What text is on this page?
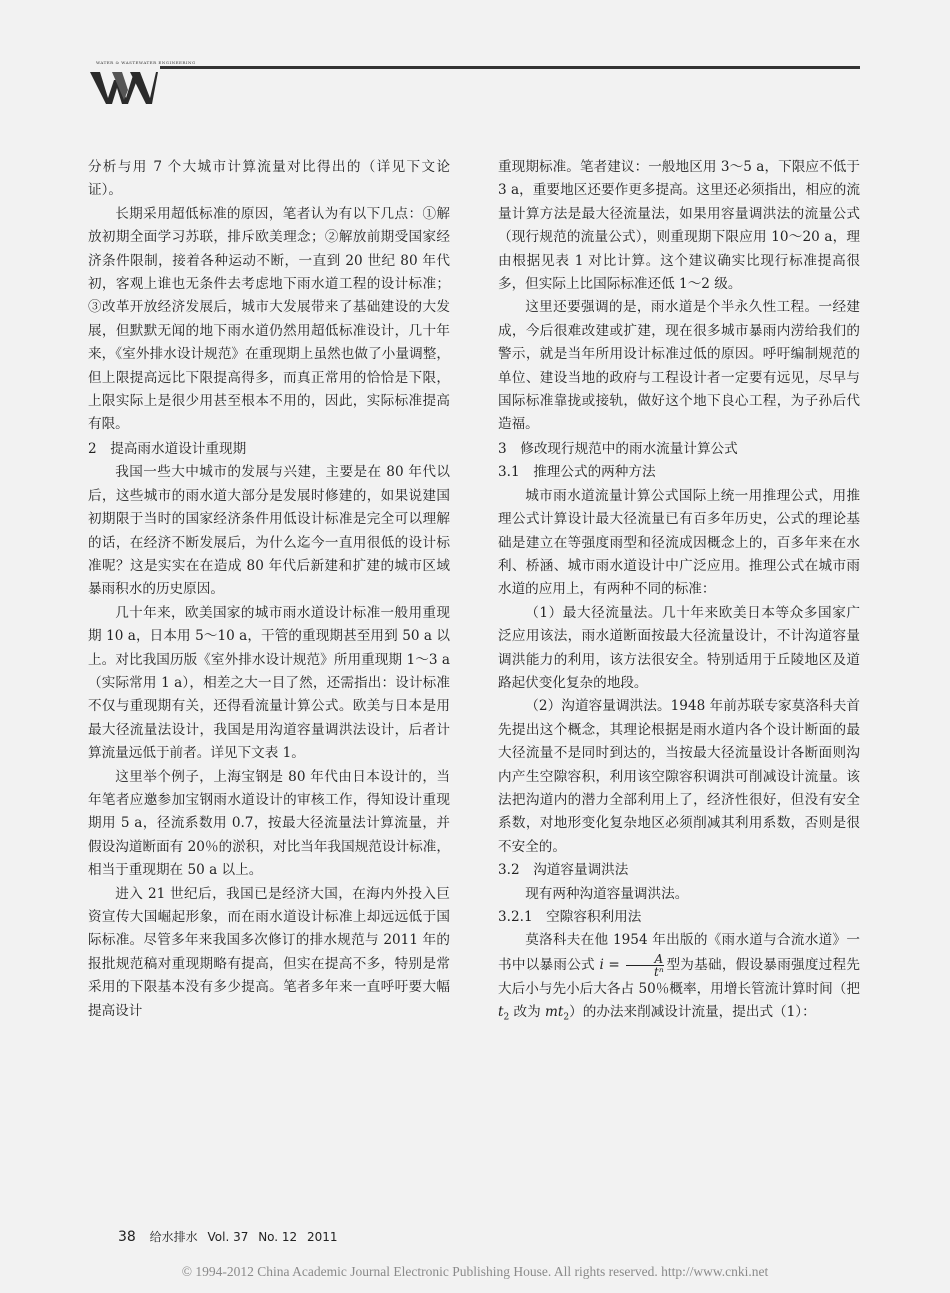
WATER & WASTEWATER ENGINEERING

分析与用 7 个大城市计算流量对比得出的（详见下文论证）。

长期采用超低标准的原因，笔者认为有以下几点：①解放初期全面学习苏联，排斥欧美理念；②解放前期受国家经济条件限制，接着各种运动不断，一直到 20 世纪 80 年代初，客观上谁也无条件去考虑地下雨水道工程的设计标准；③改革开放经济发展后，城市大发展带来了基础建设的大发展，但默默无闻的地下雨水道仍然用超低标准设计，几十年来，《室外排水设计规范》在重现期上虽然也做了小量调整，但上限提高远比下限提高得多，而真正常用的恰恰是下限，上限实际上是很少用甚至根本不用的，因此，实际标准提高有限。

2　提高雨水道设计重现期

我国一些大中城市的发展与兴建，主要是在 80 年代以后，这些城市的雨水道大部分是发展时修建的，如果说建国初期限于当时的国家经济条件用低设计标准是完全可以理解的话，在经济不断发展后，为什么迄今一直用很低的设计标准呢？这是实实在在造成 80 年代后新建和扩建的城市区域暴雨积水的历史原因。

几十年来，欧美国家的城市雨水道设计标准一般用重现期 10 a，日本用 5～10 a，干管的重现期甚至用到 50 a 以上。对比我国历版《室外排水设计规范》所用重现期 1～3 a（实际常用 1 a），相差之大一目了然，还需指出：设计标准不仅与重现期有关，还得看流量计算公式。欧美与日本是用最大径流量法设计，我国是用沟道容量调洪法设计，后者计算流量远低于前者。详见下文表 1。

这里举个例子，上海宝钢是 80 年代由日本设计的，当年笔者应邀参加宝钢雨水道设计的审核工作，得知设计重现期用 5 a，径流系数用 0.7，按最大径流量法计算流量，并假设沟道断面有 20％的淤积，对比当年我国规范设计标准，相当于重现期在 50 a 以上。

进入 21 世纪后，我国已是经济大国，在海内外投入巨资宣传大国崛起形象，而在雨水道设计标准上却远远低于国际标准。尽管多年来我国多次修订的排水规范与 2011 年的报批规范稿对重现期略有提高，但实在提高不多，特别是常采用的下限基本没有多少提高。笔者多年来一直呼吁要大幅提高设计

重现期标准。笔者建议：一般地区用 3～5 a，下限应不低于 3 a，重要地区还要作更多提高。这里还必须指出，相应的流量计算方法是最大径流量法，如果用容量调洪法的流量公式（现行规范的流量公式），则重现期下限应用 10～20 a，理由根据见表 1 对比计算。这个建议确实比现行标准提高很多，但实际上比国际标准还低 1～2 级。

这里还要强调的是，雨水道是个半永久性工程。一经建成，今后很难改建或扩建，现在很多城市暴雨内涝给我们的警示，就是当年所用设计标准过低的原因。呼吁编制规范的单位、建设当地的政府与工程设计者一定要有远见，尽早与国际标准靠拢或接轨，做好这个地下良心工程，为子孙后代造福。

3　修改现行规范中的雨水流量计算公式

3.1　推理公式的两种方法

城市雨水道流量计算公式国际上统一用推理公式，用推理公式计算设计最大径流量已有百多年历史，公式的理论基础是建立在等强度雨型和径流成因概念上的，百多年来在水利、桥涵、城市雨水道设计中广泛应用。推理公式在城市雨水道的应用上，有两种不同的标准：

（1）最大径流量法。几十年来欧美日本等众多国家广泛应用该法，雨水道断面按最大径流量设计，不计沟道容量调洪能力的利用，该方法很安全。特别适用于丘陵地区及道路起伏变化复杂的地段。

（2）沟道容量调洪法。1948 年前苏联专家莫洛科夫首先提出这个概念，其理论根据是雨水道内各个设计断面的最大径流量不是同时到达的，当按最大径流量设计各断面则沟内产生空隙容积，利用该空隙容积调洪可削减设计流量。该法把沟道内的潜力全部利用上了，经济性很好，但没有安全系数，对地形变化复杂地区必须削减其利用系数，否则是很不安全的。

3.2　沟道容量调洪法

现有两种沟道容量调洪法。

3.2.1　空隙容积利用法

莫洛科夫在他 1954 年出版的《雨水道与合流水道》一书中以暴雨公式 $i = \frac{A}{\text{tⁿ}}$ 型为基础，假设暴雨强度过程先大后小与先小后大各占 50％概率，用增长管流计算时间（把 $t_2$ 改为 $mt_2$）的办法来削减设计流量，提出式（1）：

38 给水排水 Vol. 37 No. 12 2011
© 1994-2012 China Academic Journal Electronic Publishing House. All rights reserved. http://www.cnki.net
